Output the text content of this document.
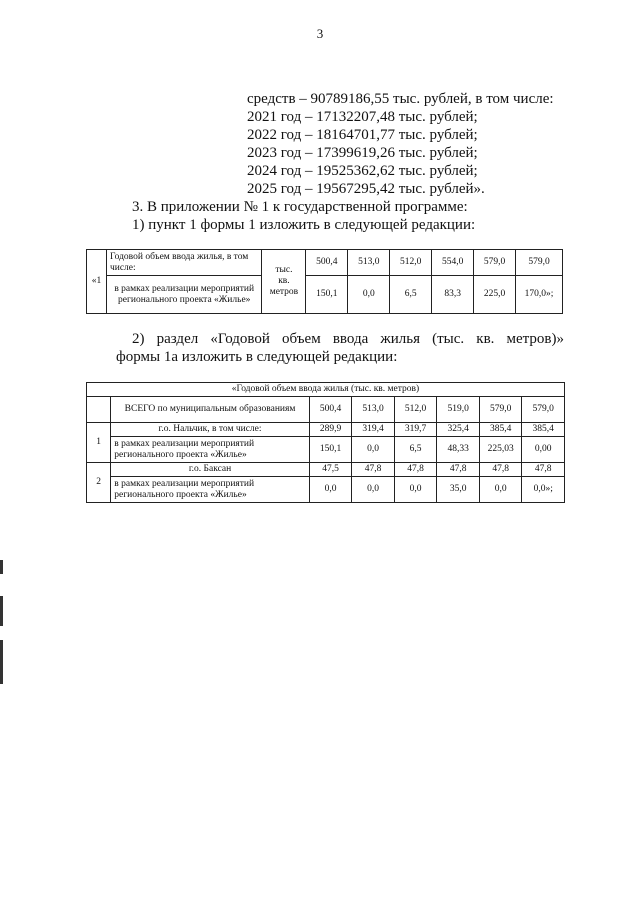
3
средств – 90789186,55 тыс. рублей, в том числе:
2021 год – 17132207,48 тыс. рублей;
2022 год – 18164701,77 тыс. рублей;
2023 год – 17399619,26 тыс. рублей;
2024 год – 19525362,62 тыс. рублей;
2025 год – 19567295,42 тыс. рублей».
3. В приложении № 1 к государственной программе:
1) пункт 1 формы 1 изложить в следующей редакции:
«1	Годовой объем ввода жилья, в том числе:	тыс.
кв.
метров	500,4	513,0	512,0	554,0	579,0	579,0
	в рамках реализации мероприятий регионального проекта «Жилье»		150,1	0,0	6,5	83,3	225,0	170,0»;
2) раздел «Годовой объем ввода жилья (тыс. кв. метров)»
формы 1а изложить в следующей редакции:
«Годовой объем ввода жилья (тыс. кв. метров)							
	ВСЕГО по муниципальным образованиям	500,4	513,0	512,0	519,0	579,0	579,0
1	г.о. Нальчик, в том числе:	289,9	319,4	319,7	325,4	385,4	385,4
	в рамках реализации мероприятий регионального проекта «Жилье»	150,1	0,0	6,5	48,33	225,03	0,00
2	г.о. Баксан	47,5	47,8	47,8	47,8	47,8	47,8
	в рамках реализации мероприятий регионального проекта «Жилье»	0,0	0,0	0,0	35,0	0,0	0,0»;
